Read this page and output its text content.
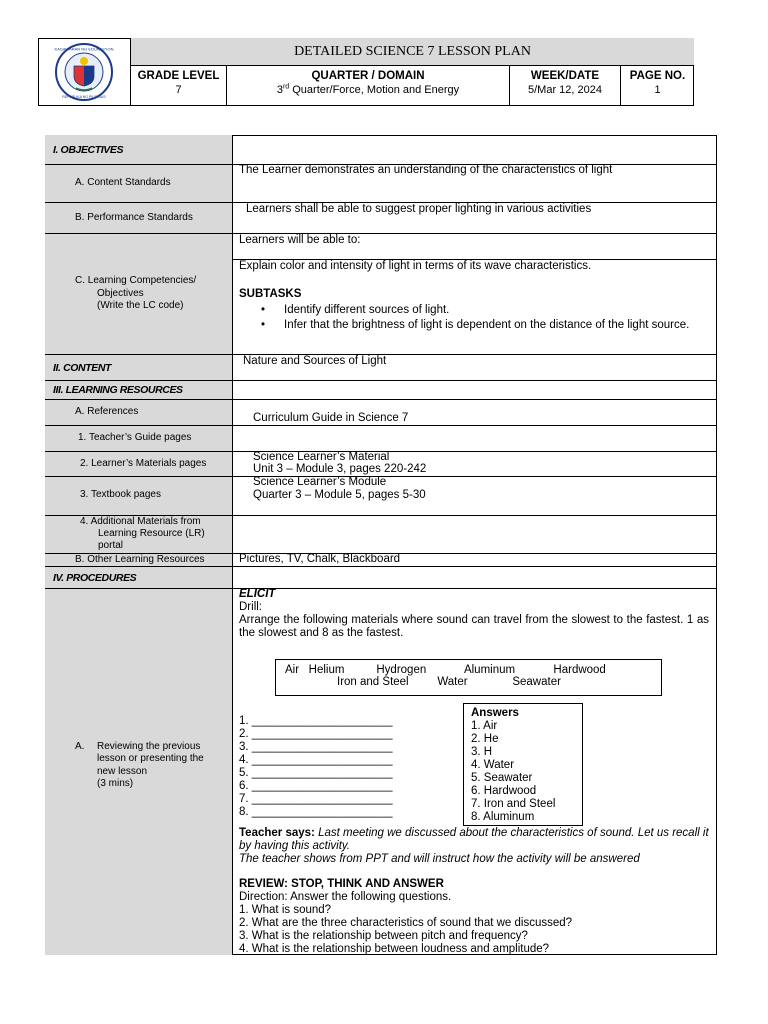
KAGAWARAN NG EDUKASYON
REPUBLIKA NG PILIPINAS
DETAILED SCIENCE 7 LESSON PLAN
GRADE LEVEL
7
QUARTER / DOMAIN
3rd Quarter/Force, Motion and Energy
WEEK/DATE
5/Mar 12, 2024
PAGE NO.
1
I. OBJECTIVES
A. Content Standards
B. Performance Standards
C. Learning Competencies/
Objectives
(Write the LC code)
II. CONTENT
III. LEARNING RESOURCES
A. References
1. Teacher’s Guide pages
2. Learner’s Materials pages
3. Textbook pages
4. Additional Materials from
Learning Resource (LR)
portal
B. Other Learning Resources
IV. PROCEDURES
A. Reviewing the previous
lesson or presenting the
new lesson
(3 mins)
The Learner demonstrates an understanding of the characteristics of light
Learners shall be able to suggest proper lighting in various activities
Learners will be able to:
Explain color and intensity of light in terms of its wave characteristics.
SUBTASKS
• Identify different sources of light.
• Infer that the brightness of light is dependent on the distance of the light source.
Nature and Sources of Light
Curriculum Guide in Science 7
Science Learner’s Material
Unit 3 – Module 3, pages 220-242
Science Learner’s Module
Quarter 3 – Module 5, pages 5-30
Pictures, TV, Chalk, Blackboard
ELICIT
Drill:
Arrange the following materials where sound can travel from the slowest to the fastest. 1 as the slowest and 8 as the fastest.
Air   Helium          Hydrogen            Aluminum            Hardwood
Iron and Steel         Water              Seawater
1. ______________________
2. ______________________
3. ______________________
4. ______________________
5. ______________________
6. ______________________
7. ______________________
8. ______________________
Answers
1. Air
2. He
3. H
4. Water
5. Seawater
6. Hardwood
7. Iron and Steel
8. Aluminum
Teacher says: Last meeting we discussed about the characteristics of sound. Let us recall it by having this activity.
The teacher shows from PPT and will instruct how the activity will be answered
REVIEW: STOP, THINK AND ANSWER
Direction: Answer the following questions.
1. What is sound?
2. What are the three characteristics of sound that we discussed?
3. What is the relationship between pitch and frequency?
4. What is the relationship between loudness and amplitude?
